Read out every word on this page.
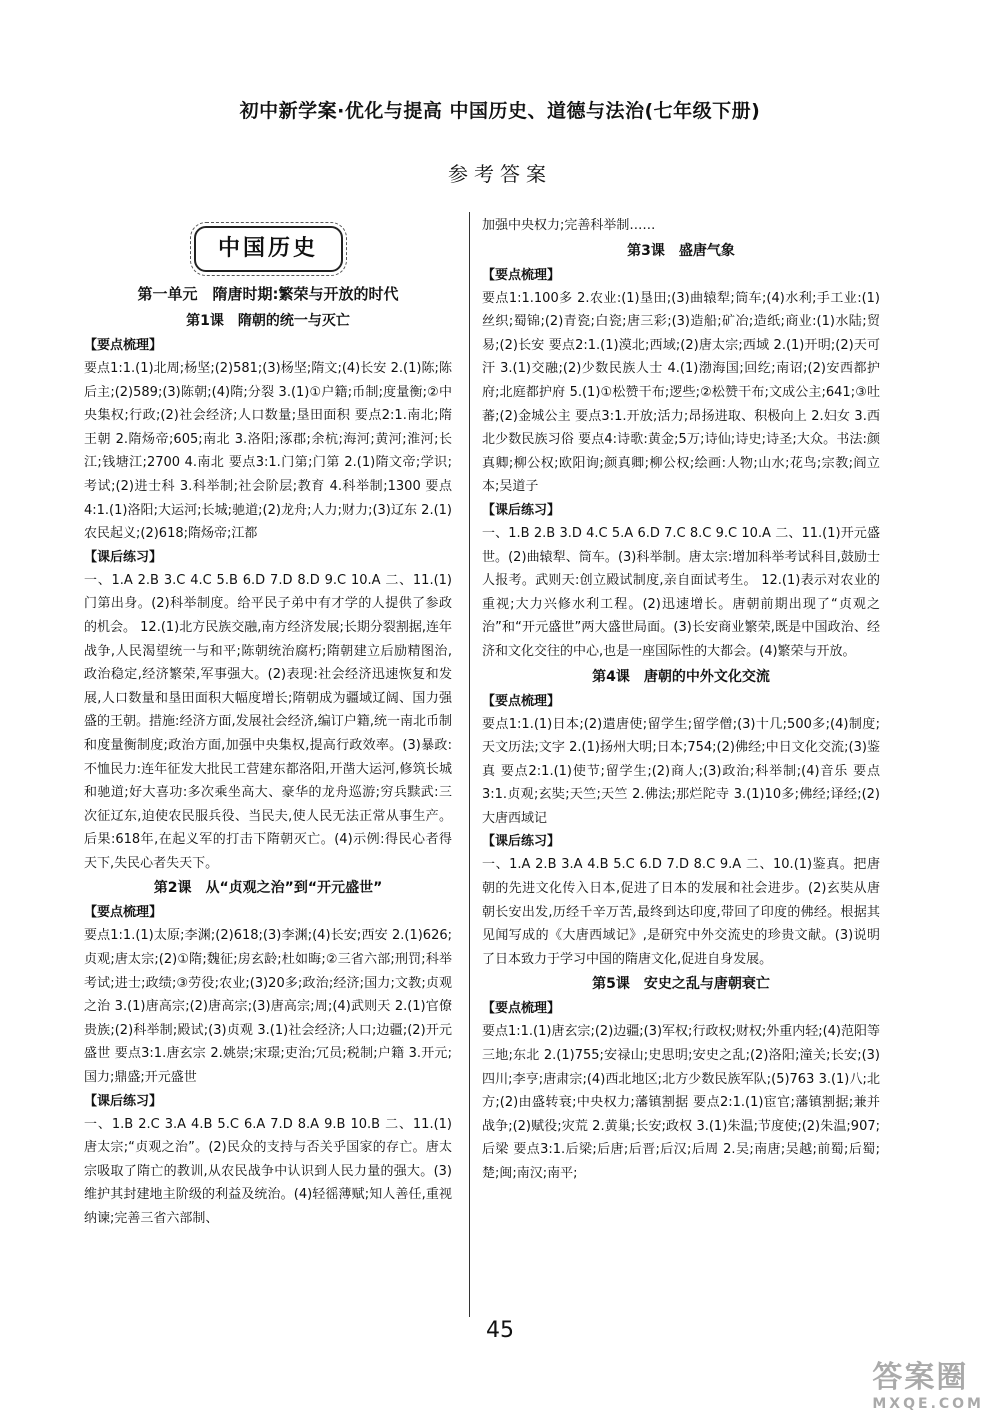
初中新学案·优化与提高 中国历史、道德与法治(七年级下册)
参考答案
中国历史
第一单元　隋唐时期:繁荣与开放的时代
第1课　隋朝的统一与灭亡
【要点梳理】
要点1:1.(1)北周;杨坚;(2)581;(3)杨坚;隋文;(4)长安 2.(1)陈;陈后主;(2)589;(3)陈朝;(4)隋;分裂 3.(1)①户籍;币制;度量衡;②中央集权;行政;(2)社会经济;人口数量;垦田面积 要点2:1.南北;隋王朝 2.隋炀帝;605;南北 3.洛阳;涿郡;余杭;海河;黄河;淮河;长江;钱塘江;2700 4.南北 要点3:1.门第;门第 2.(1)隋文帝;学识;考试;(2)进士科 3.科举制;社会阶层;教育 4.科举制;1300 要点4:1.(1)洛阳;大运河;长城;驰道;(2)龙舟;人力;财力;(3)辽东 2.(1)农民起义;(2)618;隋炀帝;江都
【课后练习】
一、1.A 2.B 3.C 4.C 5.B 6.D 7.D 8.D 9.C 10.A 二、11.(1)门第出身。(2)科举制度。给平民子弟中有才学的人提供了参政的机会。 12.(1)北方民族交融,南方经济发展;长期分裂割据,连年战争,人民渴望统一与和平;陈朝统治腐朽;隋朝建立后励精图治,政治稳定,经济繁荣,军事强大。(2)表现:社会经济迅速恢复和发展,人口数量和垦田面积大幅度增长;隋朝成为疆域辽阔、国力强盛的王朝。措施:经济方面,发展社会经济,编订户籍,统一南北币制和度量衡制度;政治方面,加强中央集权,提高行政效率。(3)暴政:不恤民力:连年征发大批民工营建东都洛阳,开凿大运河,修筑长城和驰道;好大喜功:多次乘坐高大、豪华的龙舟巡游;穷兵黩武:三次征辽东,迫使农民服兵役、当民夫,使人民无法正常从事生产。后果:618年,在起义军的打击下隋朝灭亡。(4)示例:得民心者得天下,失民心者失天下。
第2课　从“贞观之治”到“开元盛世”
【要点梳理】
要点1:1.(1)太原;李渊;(2)618;(3)李渊;(4)长安;西安 2.(1)626;贞观;唐太宗;(2)①隋;魏征;房玄龄;杜如晦;②三省六部;刑罚;科举考试;进士;政绩;③劳役;农业;(3)20多;政治;经济;国力;文教;贞观之治 3.(1)唐高宗;(2)唐高宗;(3)唐高宗;周;(4)武则天 2.(1)官僚贵族;(2)科举制;殿试;(3)贞观 3.(1)社会经济;人口;边疆;(2)开元盛世 要点3:1.唐玄宗 2.姚崇;宋璟;吏治;冗员;税制;户籍 3.开元;国力;鼎盛;开元盛世
【课后练习】
一、1.B 2.C 3.A 4.B 5.C 6.A 7.D 8.A 9.B 10.B 二、11.(1)唐太宗;“贞观之治”。(2)民众的支持与否关乎国家的存亡。唐太宗吸取了隋亡的教训,从农民战争中认识到人民力量的强大。(3)维护其封建地主阶级的利益及统治。(4)轻徭薄赋;知人善任,重视纳谏;完善三省六部制、
加强中央权力;完善科举制……
第3课　盛唐气象
【要点梳理】
要点1:1.100多 2.农业:(1)垦田;(3)曲辕犁;筒车;(4)水利;手工业:(1)丝织;蜀锦;(2)青瓷;白瓷;唐三彩;(3)造船;矿冶;造纸;商业:(1)水陆;贸易;(2)长安 要点2:1.(1)漠北;西域;(2)唐太宗;西域 2.(1)开明;(2)天可汗 3.(1)交融;(2)少数民族人士 4.(1)渤海国;回纥;南诏;(2)安西都护府;北庭都护府 5.(1)①松赞干布;逻些;②松赞干布;文成公主;641;③吐蕃;(2)金城公主 要点3:1.开放;活力;昂扬进取、积极向上 2.妇女 3.西北少数民族习俗 要点4:诗歌:黄金;5万;诗仙;诗史;诗圣;大众。书法:颜真卿;柳公权;欧阳询;颜真卿;柳公权;绘画:人物;山水;花鸟;宗教;阎立本;吴道子
【课后练习】
一、1.B 2.B 3.D 4.C 5.A 6.D 7.C 8.C 9.C 10.A 二、11.(1)开元盛世。(2)曲辕犁、筒车。(3)科举制。唐太宗:增加科举考试科目,鼓励士人报考。武则天:创立殿试制度,亲自面试考生。 12.(1)表示对农业的重视;大力兴修水利工程。(2)迅速增长。唐朝前期出现了“贞观之治”和“开元盛世”两大盛世局面。(3)长安商业繁荣,既是中国政治、经济和文化交往的中心,也是一座国际性的大都会。(4)繁荣与开放。
第4课　唐朝的中外文化交流
【要点梳理】
要点1:1.(1)日本;(2)遣唐使;留学生;留学僧;(3)十几;500多;(4)制度;天文历法;文字 2.(1)扬州大明;日本;754;(2)佛经;中日文化交流;(3)鉴真 要点2:1.(1)使节;留学生;(2)商人;(3)政治;科举制;(4)音乐 要点3:1.贞观;玄奘;天竺;天竺 2.佛法;那烂陀寺 3.(1)10多;佛经;译经;(2)大唐西域记
【课后练习】
一、1.A 2.B 3.A 4.B 5.C 6.D 7.D 8.C 9.A 二、10.(1)鉴真。把唐朝的先进文化传入日本,促进了日本的发展和社会进步。(2)玄奘从唐朝长安出发,历经千辛万苦,最终到达印度,带回了印度的佛经。根据其见闻写成的《大唐西域记》,是研究中外交流史的珍贵文献。(3)说明了日本致力于学习中国的隋唐文化,促进自身发展。
第5课　安史之乱与唐朝衰亡
【要点梳理】
要点1:1.(1)唐玄宗;(2)边疆;(3)军权;行政权;财权;外重内轻;(4)范阳等三地;东北 2.(1)755;安禄山;史思明;安史之乱;(2)洛阳;潼关;长安;(3)四川;李亨;唐肃宗;(4)西北地区;北方少数民族军队;(5)763 3.(1)八;北方;(2)由盛转衰;中央权力;藩镇割据 要点2:1.(1)宦官;藩镇割据;兼并战争;(2)赋役;灾荒 2.黄巢;长安;政权 3.(1)朱温;节度使;(2)朱温;907;后梁 要点3:1.后梁;后唐;后晋;后汉;后周 2.吴;南唐;吴越;前蜀;后蜀;楚;闽;南汉;南平;
45
答案圈
MXQE.COM
